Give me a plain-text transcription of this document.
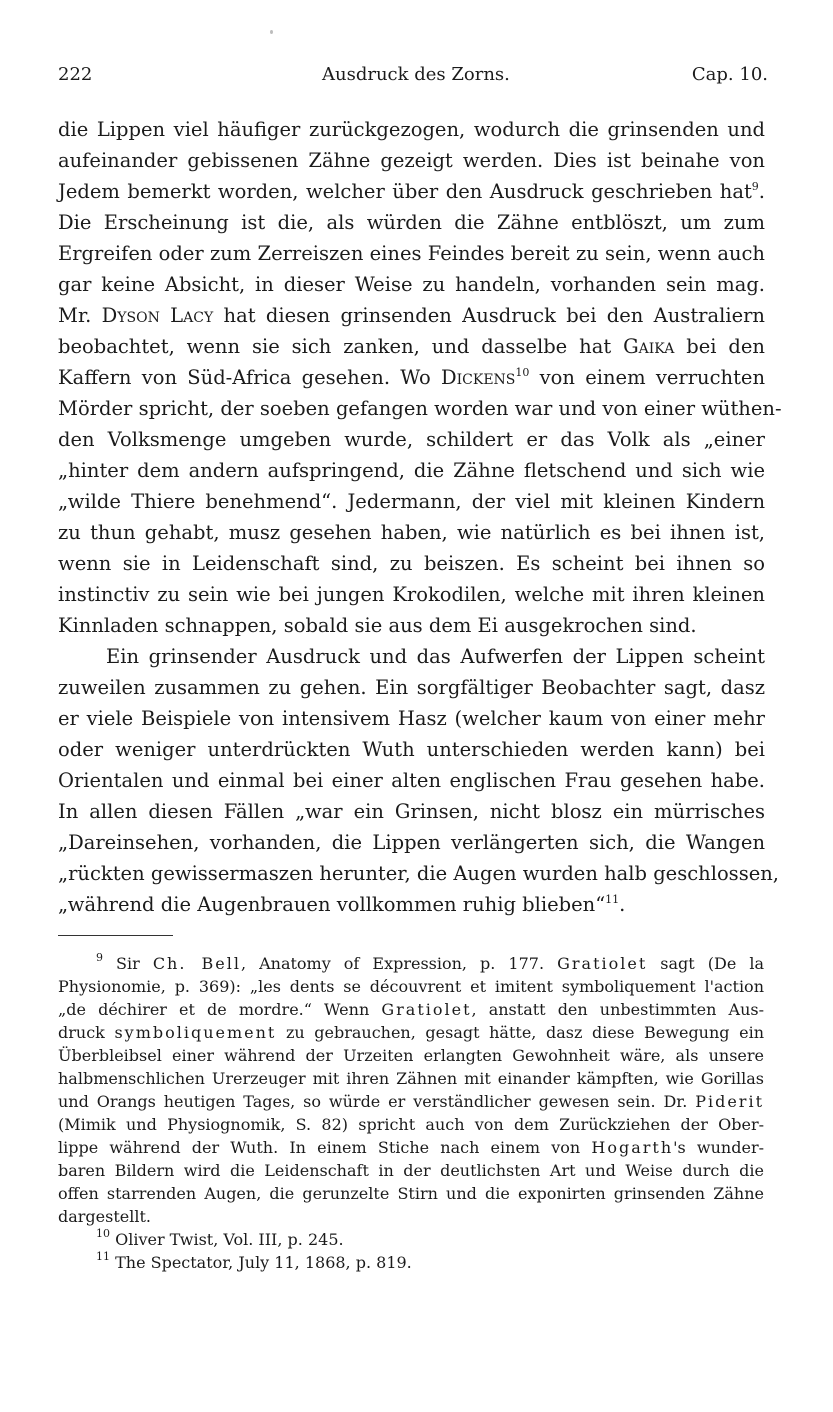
222	Ausdruck des Zorns.	Cap. 10.
die Lippen viel häufiger zurückgezogen, wodurch die grinsenden und
aufeinander gebissenen Zähne gezeigt werden. Dies ist beinahe von
Jedem bemerkt worden, welcher über den Ausdruck geschrieben hat$^9$.
Die Erscheinung ist die, als würden die Zähne entblöszt, um zum
Ergreifen oder zum Zerreiszen eines Feindes bereit zu sein, wenn auch
gar keine Absicht, in dieser Weise zu handeln, vorhanden sein mag.
Mr. Dyson Lacy hat diesen grinsenden Ausdruck bei den Australiern
beobachtet, wenn sie sich zanken, und dasselbe hat Gaika bei den
Kaffern von Süd-Africa gesehen. Wo Dickens$^{10}$ von einem verruchten
Mörder spricht, der soeben gefangen worden war und von einer wüthen-
den Volksmenge umgeben wurde, schildert er das Volk als „einer
„hinter dem andern aufspringend, die Zähne fletschend und sich wie
„wilde Thiere benehmend“. Jedermann, der viel mit kleinen Kindern
zu thun gehabt, musz gesehen haben, wie natürlich es bei ihnen ist,
wenn sie in Leidenschaft sind, zu beiszen. Es scheint bei ihnen so
instinctiv zu sein wie bei jungen Krokodilen, welche mit ihren kleinen
Kinnladen schnappen, sobald sie aus dem Ei ausgekrochen sind.
Ein grinsender Ausdruck und das Aufwerfen der Lippen scheint
zuweilen zusammen zu gehen. Ein sorgfältiger Beobachter sagt, dasz
er viele Beispiele von intensivem Hasz (welcher kaum von einer mehr
oder weniger unterdrückten Wuth unterschieden werden kann) bei
Orientalen und einmal bei einer alten englischen Frau gesehen habe.
In allen diesen Fällen „war ein Grinsen, nicht blosz ein mürrisches
„Dareinsehen, vorhanden, die Lippen verlängerten sich, die Wangen
„rückten gewissermaszen herunter, die Augen wurden halb geschlossen,
„während die Augenbrauen vollkommen ruhig blieben“$^{11}$.
$^9$ Sir Ch. Bell, Anatomy of Expression, p. 177. Gratiolet sagt (De la
Physionomie, p. 369): „les dents se découvrent et imitent symboliquement l'action
„de déchirer et de mordre.“ Wenn Gratiolet, anstatt den unbestimmten Aus-
druck symboliquement zu gebrauchen, gesagt hätte, dasz diese Bewegung ein
Überbleibsel einer während der Urzeiten erlangten Gewohnheit wäre, als unsere
halbmenschlichen Urerzeuger mit ihren Zähnen mit einander kämpften, wie Gorillas
und Orangs heutigen Tages, so würde er verständlicher gewesen sein. Dr. Piderit
(Mimik und Physiognomik, S. 82) spricht auch von dem Zurückziehen der Ober-
lippe während der Wuth. In einem Stiche nach einem von Hogarth's wunder-
baren Bildern wird die Leidenschaft in der deutlichsten Art und Weise durch die
offen starrenden Augen, die gerunzelte Stirn und die exponirten grinsenden Zähne
dargestellt.
$^{10}$ Oliver Twist, Vol. III, p. 245.
$^{11}$ The Spectator, July 11, 1868, p. 819.
